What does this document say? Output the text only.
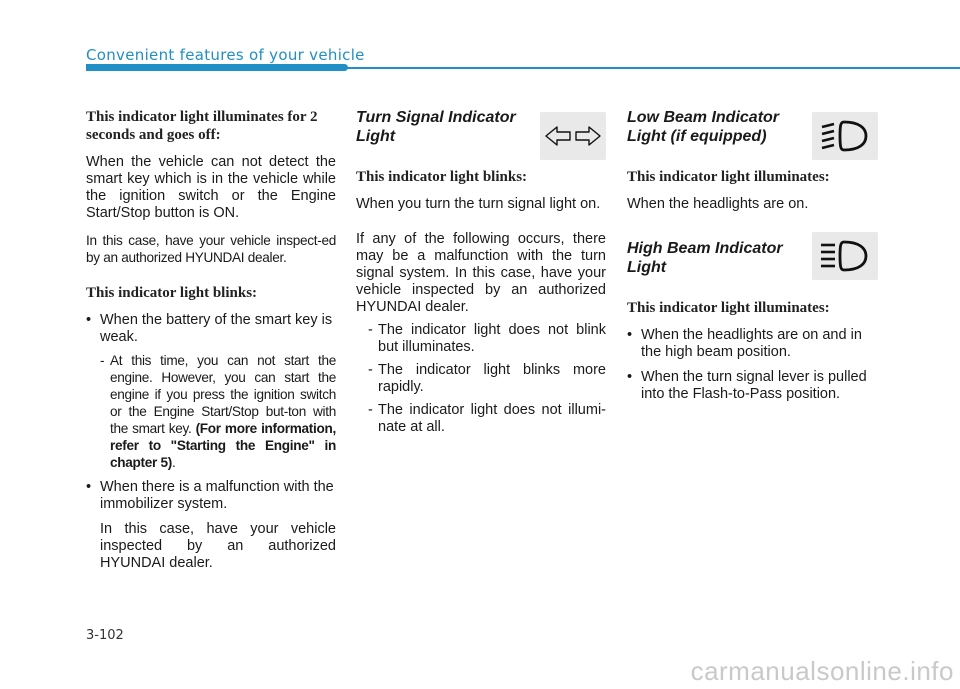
Convenient features of your vehicle

This indicator light illuminates for 2 seconds and goes off:

When the vehicle can not detect the smart key which is in the vehicle while the ignition switch or the Engine Start/Stop button is ON.

In this case, have your vehicle inspect-ed by an authorized HYUNDAI dealer.

This indicator light blinks:

• When the battery of the smart key is weak.
- At this time, you can not start the engine. However, you can start the engine if you press the ignition switch or the Engine Start/Stop but-ton with the smart key. (For more information, refer to "Starting the Engine" in chapter 5).
• When there is a malfunction with the immobilizer system.
In this case, have your vehicle inspected by an authorized HYUNDAI dealer.
Turn Signal Indicator Light

This indicator light blinks:

When you turn the turn signal light on.

If any of the following occurs, there may be a malfunction with the turn signal system. In this case, have your vehicle inspected by an authorized HYUNDAI dealer.

- The indicator light does not blink but illuminates.
- The indicator light blinks more rapidly.
- The indicator light does not illumi-nate at all.
Low Beam Indicator Light (if equipped)

This indicator light illuminates:

When the headlights are on.

High Beam Indicator Light

This indicator light illuminates:

• When the headlights are on and in the high beam position.
• When the turn signal lever is pulled into the Flash-to-Pass position.
3-102
carmanualsonline.info
